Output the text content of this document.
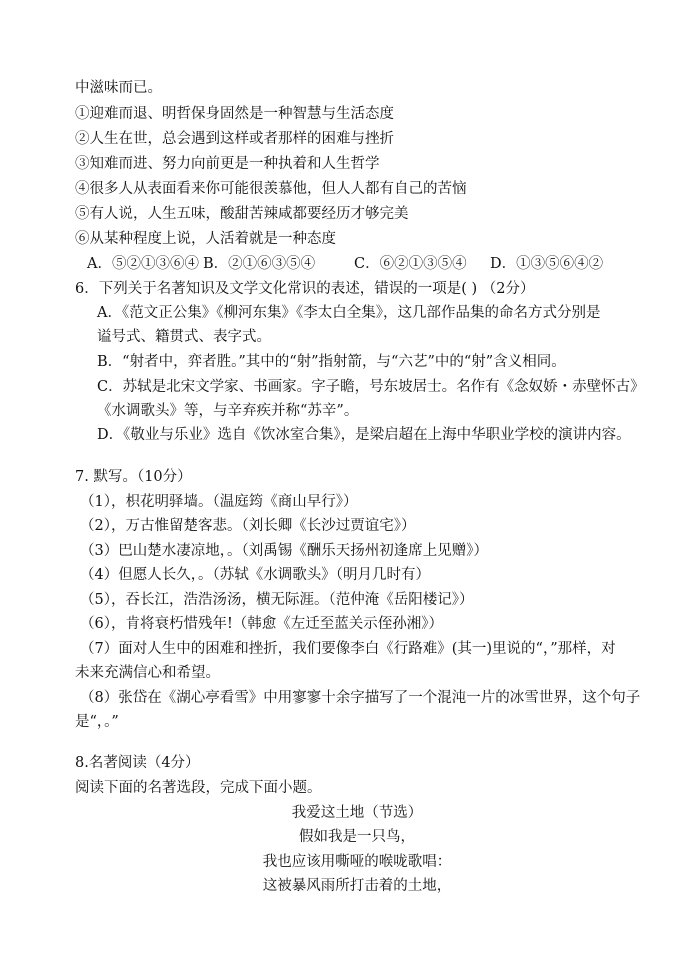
中滋味而已。
①迎难而退、明哲保身固然是一种智慧与生活态度
②人生在世，总会遇到这样或者那样的困难与挫折
③知难而进、努力向前更是一种执着和人生哲学
④很多人从表面看来你可能很羡慕他，但人人都有自己的苦恼
⑤有人说，人生五味，酸甜苦辣咸都要经历才够完美
⑥从某种程度上说，人活着就是一种态度
A．⑤②①③⑥④ B．②①⑥③⑤④	C．⑥②①③⑤④ D．①③⑤⑥④②
6．下列关于名著知识及文学文化常识的表述，错误的一项是( ) （2分）
A．《范文正公集》《柳河东集》《李太白全集》，这几部作品集的命名方式分别是
谥号式、籍贯式、表字式。
B．“射者中，弈者胜。”其中的“射”指射箭，与“六艺”中的“射”含义相同。
C．苏轼是北宋文学家、书画家。字子瞻，号东坡居士。名作有《念奴娇・赤壁怀古》
《水调歌头》等，与辛弃疾并称“苏辛”。
D．《敬业与乐业》选自《饮冰室合集》，是梁启超在上海中华职业学校的演讲内容。
7. 默写。（10分）
（1），枳花明驿墙。（温庭筠《商山早行》）
（2），万古惟留楚客悲。（刘长卿《长沙过贾谊宅》）
（3）巴山楚水凄凉地，。（刘禹锡《酬乐天扬州初逢席上见赠》）
（4）但愿人长久，。（苏轼《水调歌头》（明月几时有）
（5），吞长江，浩浩汤汤，横无际涯。（范仲淹《岳阳楼记》）
（6），肯将衰朽惜残年!（韩愈《左迁至蓝关示侄孙湘》）
（7）面对人生中的困难和挫折，我们要像李白《行路难》(其一)里说的“，”那样，对
未来充满信心和希望。
（8）张岱在《湖心亭看雪》中用寥寥十余字描写了一个混沌一片的冰雪世界，这个句子
是“，。”
8.名著阅读（4分）
阅读下面的名著选段，完成下面小题。
我爱这土地（节选）
假如我是一只鸟，
我也应该用嘶哑的喉咙歌唱：
这被暴风雨所打击着的土地，
